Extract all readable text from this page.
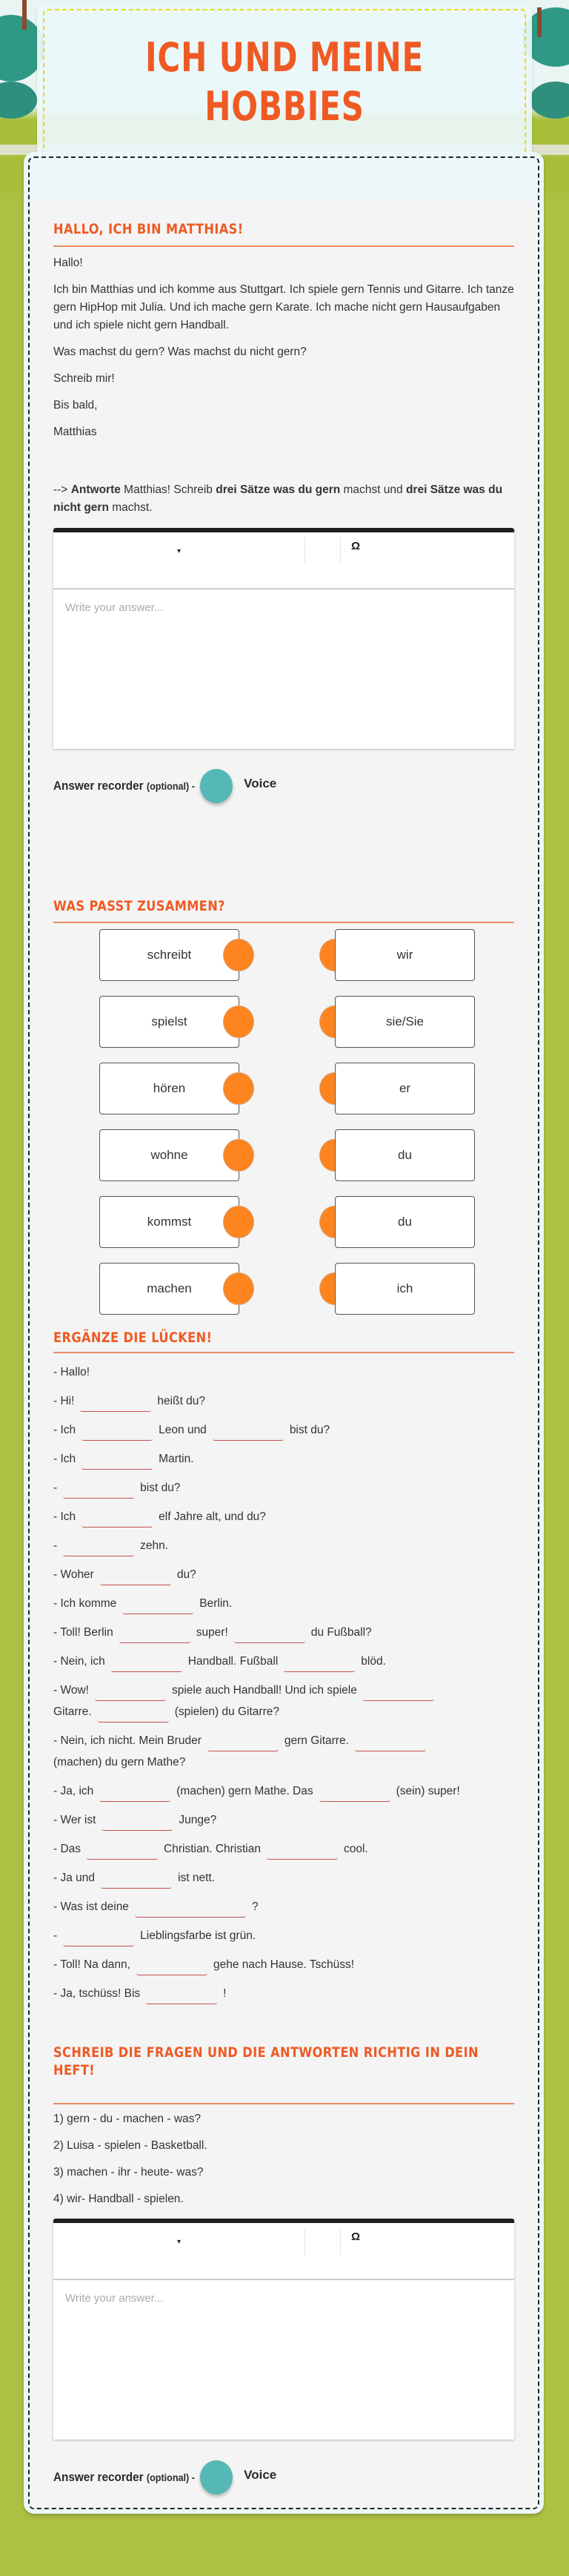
ICH UND MEINE HOBBIES
HALLO, ICH BIN MATTHIAS!

Hallo!

Ich bin Matthias und ich komme aus Stuttgart. Ich spiele gern Tennis und Gitarre. Ich tanze gern HipHop mit Julia. Und ich mache gern Karate. Ich mache nicht gern Hausaufgaben und ich spiele nicht gern Handball.

Was machst du gern? Was machst du nicht gern?

Schreib mir!

Bis bald,

Matthias

--> Antworte Matthias! Schreib drei Sätze was du gern machst und drei Sätze was du nicht gern machst.

▾	Ω
Write your answer...
Answer recorder (optional) -	Voice
WAS PASST ZUSAMMEN?
schreibt	wir
spielst	sie/Sie
hören	er
wohne	du
kommst	du
machen	ich
ERGÄNZE DIE LÜCKEN!
- Hallo!
- Hi!	heißt du?
- Ich	Leon und	bist du?
- Ich	Martin.
-	bist du?
- Ich	elf Jahre alt, und du?
-	zehn.
- Woher	du?
- Ich komme	Berlin.
- Toll! Berlin	super!	du Fußball?
- Nein, ich	Handball. Fußball	blöd.
- Wow!	spiele auch Handball! Und ich spiele
Gitarre.	(spielen) du Gitarre?
- Nein, ich nicht. Mein Bruder	gern Gitarre.
(machen) du gern Mathe?
- Ja, ich	(machen) gern Mathe. Das	(sein) super!
- Wer ist	Junge?
- Das	Christian. Christian	cool.
- Ja und	ist nett.
- Was ist deine	?
-	Lieblingsfarbe ist grün.
- Toll! Na dann,	gehe nach Hause. Tschüss!
- Ja, tschüss! Bis	!
SCHREIB DIE FRAGEN UND DIE ANTWORTEN RICHTIG IN DEIN HEFT!

1) gern - du - machen - was?

2) Luisa - spielen - Basketball.

3) machen - ihr - heute- was?

4) wir- Handball - spielen.

▾	Ω
Write your answer...
Answer recorder (optional) -	Voice
